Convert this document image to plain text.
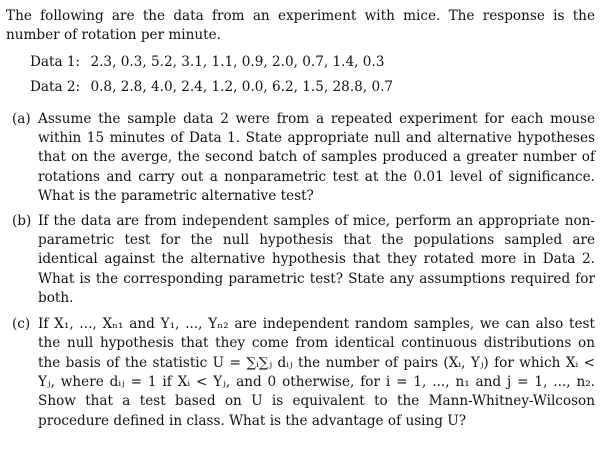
The following are the data from an experiment with mice. The response is the number of rotation per minute.

Data 1: 2.3, 0.3, 5.2, 3.1, 1.1, 0.9, 2.0, 0.7, 1.4, 0.3

Data 2: 0.8, 2.8, 4.0, 2.4, 1.2, 0.0, 6.2, 1.5, 28.8, 0.7

(a) Assume the sample data 2 were from a repeated experiment for each mouse within 15 minutes of Data 1. State appropriate null and alternative hypotheses that on the averge, the second batch of samples produced a greater number of rotations and carry out a nonparametric test at the 0.01 level of significance. What is the parametric alternative test?

(b) If the data are from independent samples of mice, perform an appropriate non-parametric test for the null hypothesis that the populations sampled are identical against the alternative hypothesis that they rotated more in Data 2. What is the corresponding parametric test? State any assumptions required for both.

(c) If X₁, ..., Xₙ₁ and Y₁, ..., Yₙ₂ are independent random samples, we can also test the null hypothesis that they come from identical continuous distributions on the basis of the statistic U = ∑ᵢ∑ⱼ dᵢⱼ the number of pairs (Xᵢ, Yⱼ) for which Xᵢ < Yⱼ, where dᵢⱼ = 1 if Xᵢ < Yⱼ, and 0 otherwise, for i = 1, ..., n₁ and j = 1, ..., n₂. Show that a test based on U is equivalent to the Mann-Whitney-Wilcoson procedure defined in class. What is the advantage of using U?
